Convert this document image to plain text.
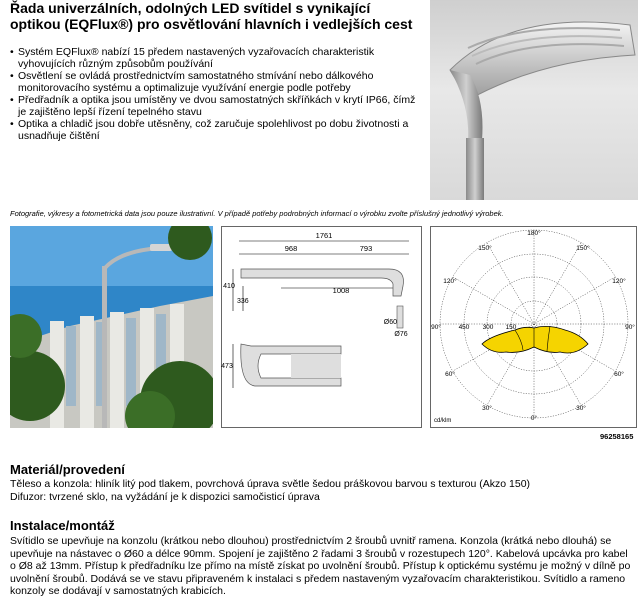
Řada univerzálních, odolných LED svítidel s vynikající optikou (EQFlux®) pro osvětlování hlavních i vedlejších cest
• Systém EQFlux® nabízí 15 předem nastavených vyzařovacích charakteristik vyhovujících různým způsobům používání
• Osvětlení se ovládá prostřednictvím samostatného stmívání nebo dálkového monitorovacího systému a optimalizuje využívání energie podle potřeby
• Předřadník a optika jsou umístěny ve dvou samostatných skříňkách v krytí IP66, čímž je zajištěno lepší řízení tepelného stavu
• Optika a chladič jsou dobře utěsněny, což zaručuje spolehlivost po dobu životnosti a usnadňuje čištění
Fotografie, výkresy a fotometrická data jsou pouze ilustrativní. V případě potřeby podrobných informací o výrobku zvolte příslušný jednotlivý výrobek.
1761
968	793
1008
410
336
Ø60
Ø76
473
180°
150°	150°
120°	120°
90°	90°
60°	60°
30°
0°
30°
450 300 150
cd/klm
96258165
Materiál/provedení
Těleso a konzola: hliník litý pod tlakem, povrchová úprava světle šedou práškovou barvou s texturou (Akzo 150)
Difuzor: tvrzené sklo, na vyžádání je k dispozici samočisticí úprava
Instalace/montáž
Svítidlo se upevňuje na konzolu (krátkou nebo dlouhou) prostřednictvím 2 šroubů uvnitř ramena. Konzola (krátká nebo dlouhá) se upevňuje na nástavec o Ø60 a délce 90mm. Spojení je zajištěno 2 řadami 3 šroubů v rozestupech 120°. Kabelová upcávka pro kabel o Ø8 až 13mm. Přístup k předřadníku lze přímo na místě získat po uvolnění šroubů. Přístup k optickému systému je možný v dílně po uvolnění šroubů. Dodává se ve stavu připraveném k instalaci s předem nastaveným vyzařovacím charakteristikou. Svítidlo a rameno konzoly se dodávají v samostatných krabicích.
